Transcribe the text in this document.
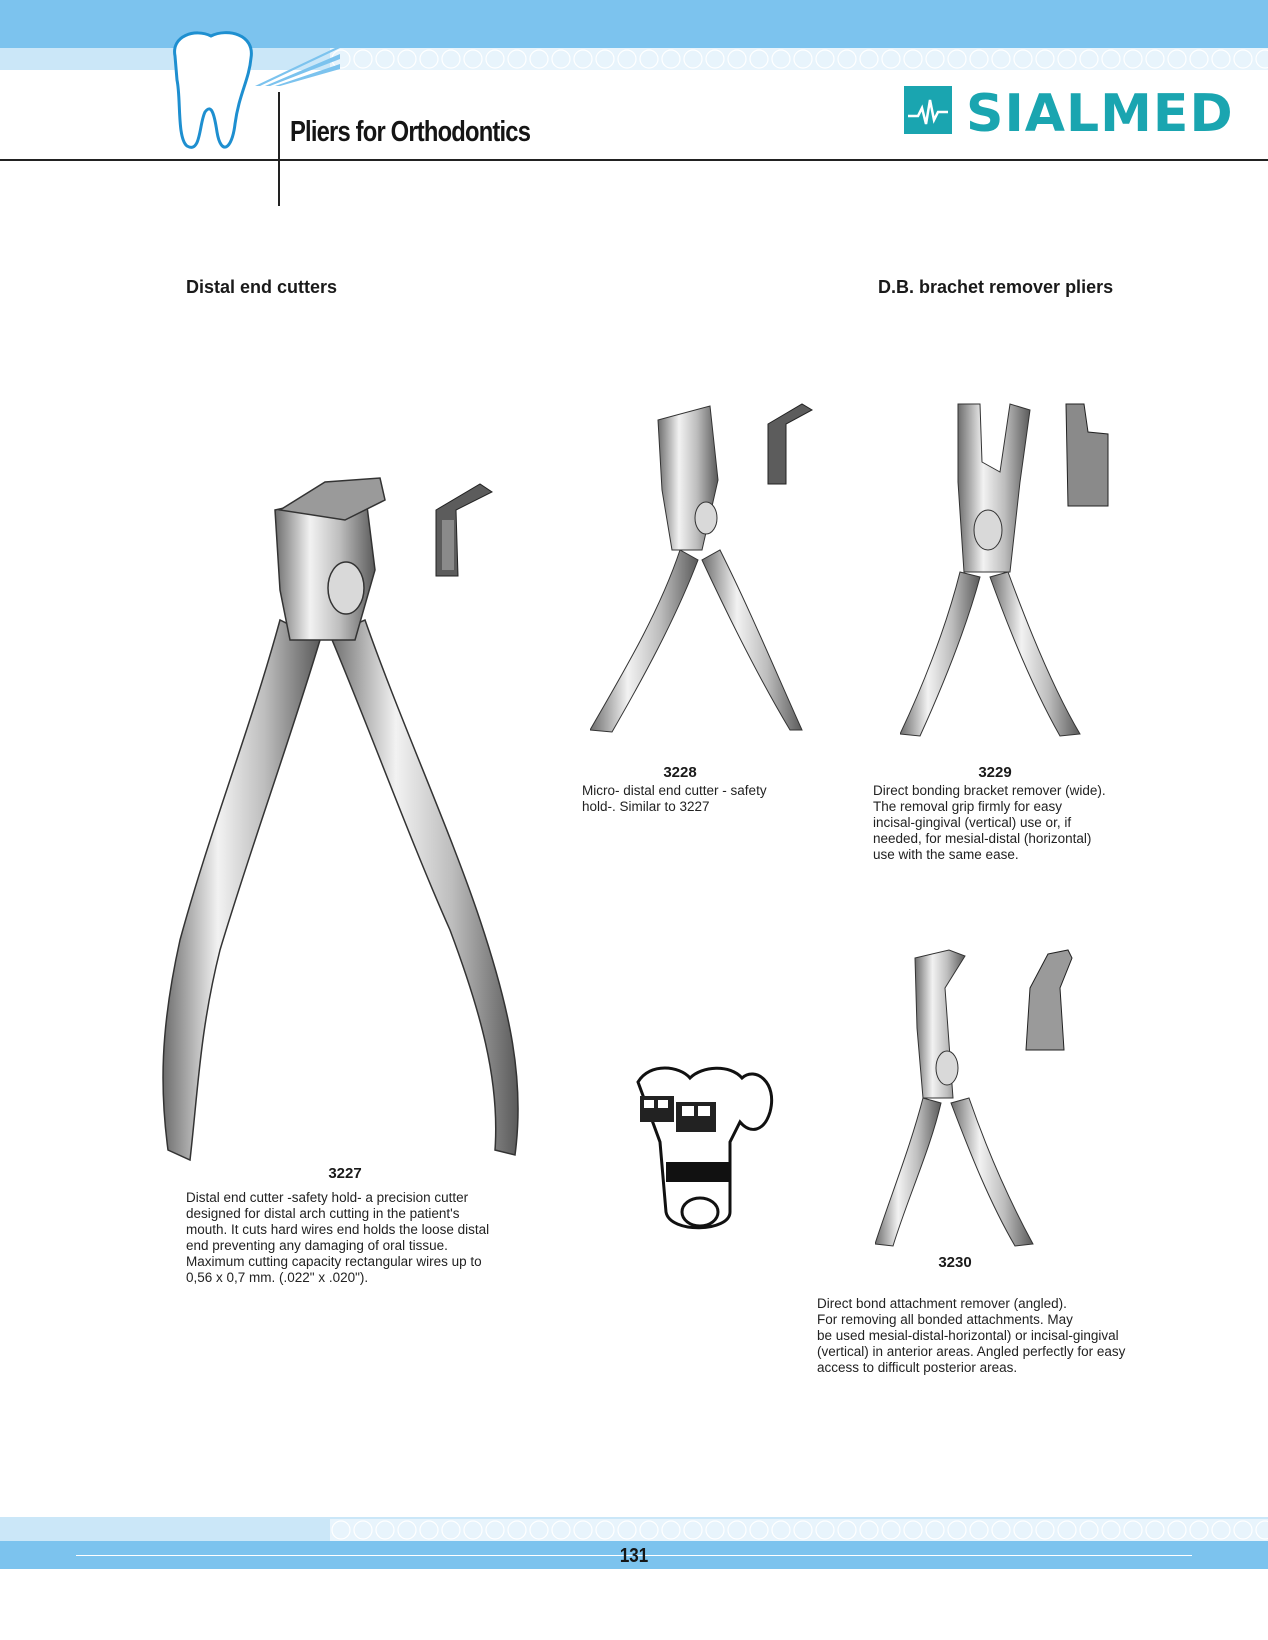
Pliers for Orthodontics	SIALMED
Distal end cutters	D.B. brachet remover pliers
3227
Distal end cutter -safety hold- a precision cutter
designed for distal arch cutting in the patient's
mouth. It cuts hard wires end holds the loose distal
end preventing any damaging of oral tissue.
Maximum cutting capacity rectangular wires up to
0,56 x 0,7 mm. (.022" x .020").
3228
Micro- distal end cutter - safety
hold-. Similar to 3227
3229
Direct bonding bracket remover (wide).
The removal grip firmly for easy
incisal-gingival (vertical) use or, if
needed, for mesial-distal (horizontal)
use with the same ease.
3230
Direct bond attachment remover (angled).
For removing all bonded attachments. May
be used mesial-distal-horizontal) or incisal-gingival
(vertical) in anterior areas. Angled perfectly for easy
access to difficult posterior areas.
131
